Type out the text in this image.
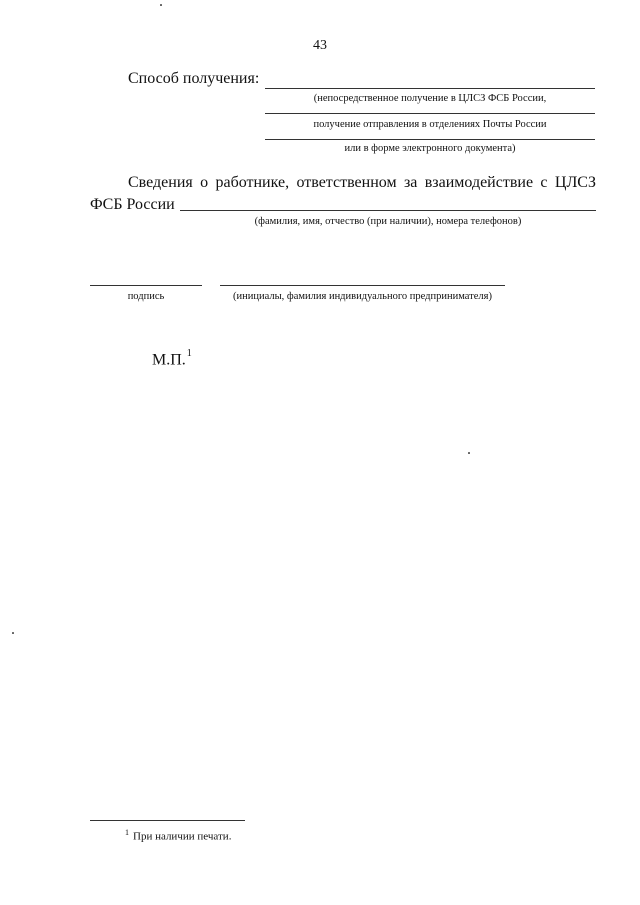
43
Способ получения:
(непосредственное получение в ЦЛСЗ ФСБ России,
получение отправления в отделениях Почты России
или в форме электронного документа)
Сведения о работнике, ответственном за взаимодействие с ЦЛСЗ
ФСБ России
(фамилия, имя, отчество (при наличии), номера телефонов)
подпись	(инициалы, фамилия индивидуального предпринимателя)
М.П.$^1$
$^1$ При наличии печати.
